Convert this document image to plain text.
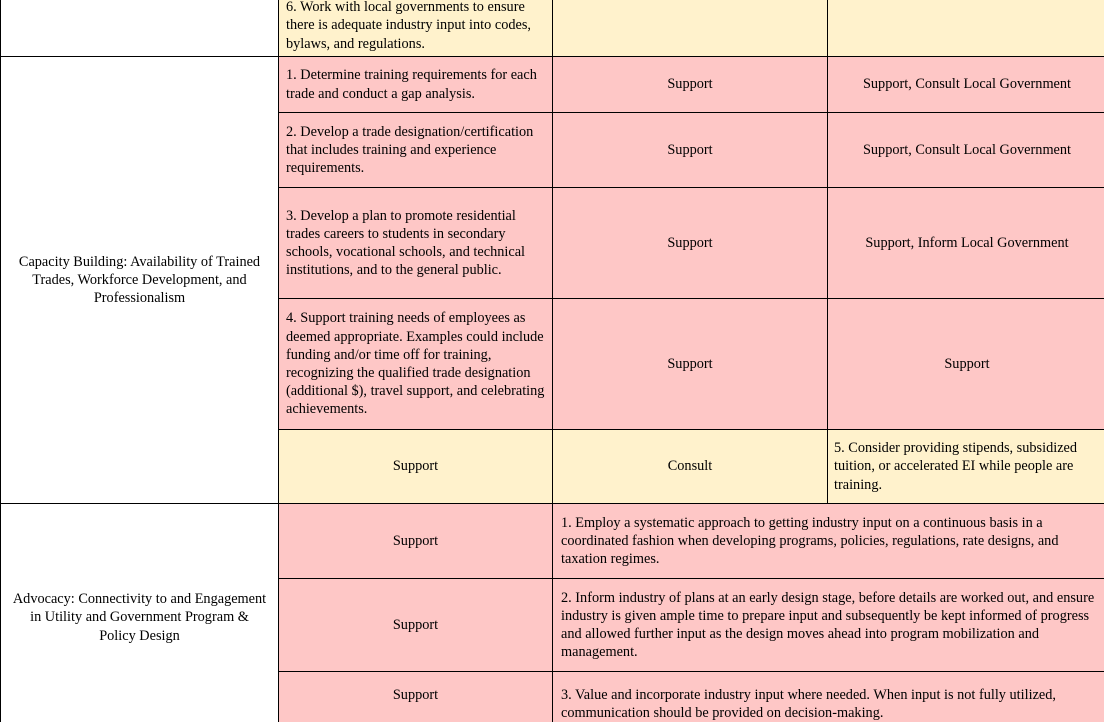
	6. Work with local governments to ensure there is adequate industry input into codes, bylaws, and regulations.		

Capacity Building: Availability of Trained Trades, Workforce Development, and Professionalism	1. Determine training requirements for each trade and conduct a gap analysis.	Support	Support, Consult Local Government

	2. Develop a trade designation/certification that includes training and experience requirements.	Support	Support, Consult Local Government

	3. Develop a plan to promote residential trades careers to students in secondary schools, vocational schools, and technical institutions, and to the general public.	Support	Support, Inform Local Government

	4. Support training needs of employees as deemed appropriate. Examples could include funding and/or time off for training, recognizing the qualified trade designation (additional $), travel support, and celebrating achievements.	Support	Support

	Support	Consult	5. Consider providing stipends, subsidized tuition, or accelerated EI while people are training.

Advocacy: Connectivity to and Engagement in Utility and Government Program & Policy Design	Support	1. Employ a systematic approach to getting industry input on a continuous basis in a coordinated fashion when developing programs, policies, regulations, rate designs, and taxation regimes.	

	Support	2. Inform industry of plans at an early design stage, before details are worked out, and ensure industry is given ample time to prepare input and subsequently be kept informed of progress and allowed further input as the design moves ahead into program mobilization and management.	

	Support	3. Value and incorporate industry input where needed. When input is not fully utilized, communication should be provided on decision-making.	
